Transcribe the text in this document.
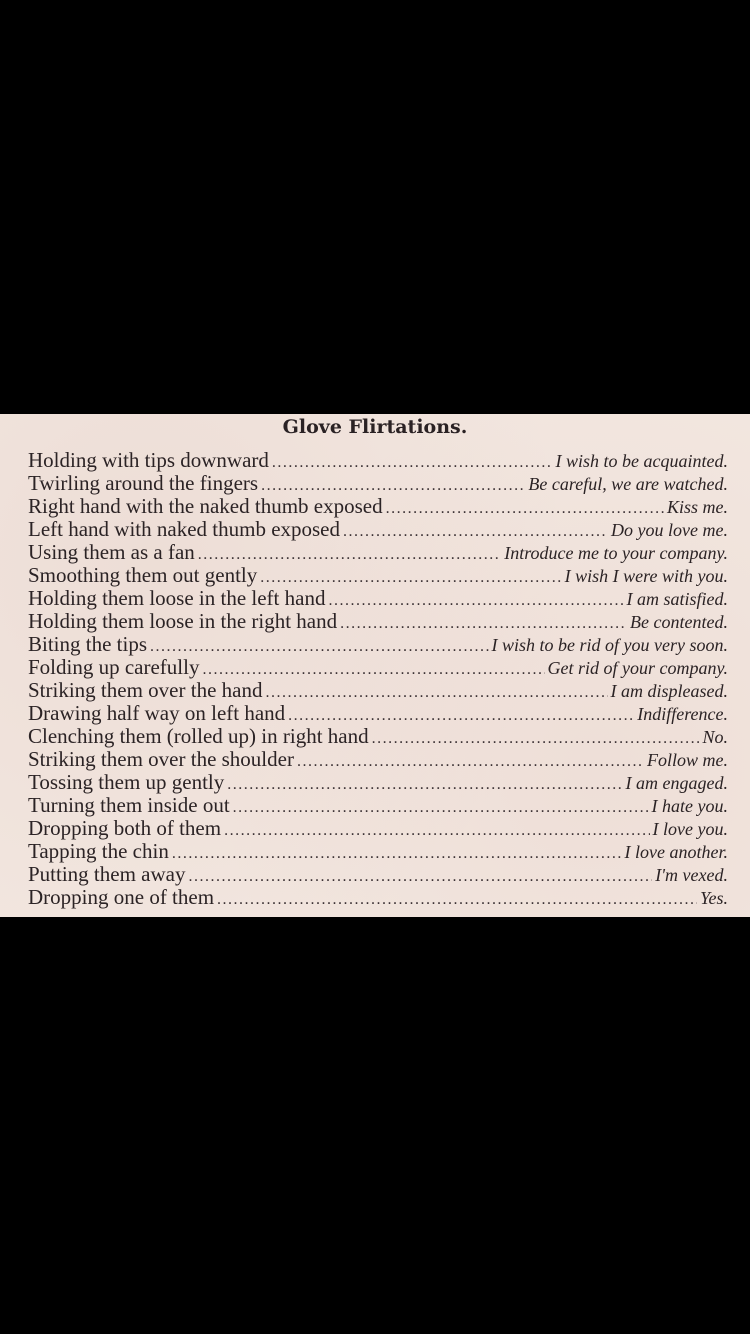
Glove Flirtations.
Holding with tips downward .....	I wish to be acquainted.
Twirling around the fingers .....	Be careful, we are watched.
Right hand with the naked thumb exposed .....	Kiss me.
Left hand with naked thumb exposed .....	Do you love me.
Using them as a fan .....	Introduce me to your company.
Smoothing them out gently .....	I wish I were with you.
Holding them loose in the left hand .....	I am satisfied.
Holding them loose in the right hand .....	Be contented.
Biting the tips .....	I wish to be rid of you very soon.
Folding up carefully .....	Get rid of your company.
Striking them over the hand .....	I am displeased.
Drawing half way on left hand .....	Indifference.
Clenching them (rolled up) in right hand .....	No.
Striking them over the shoulder .....	Follow me.
Tossing them up gently .....	I am engaged.
Turning them inside out .....	I hate you.
Dropping both of them .....	I love you.
Tapping the chin .....	I love another.
Putting them away .....	I'm vexed.
Dropping one of them .....	Yes.
